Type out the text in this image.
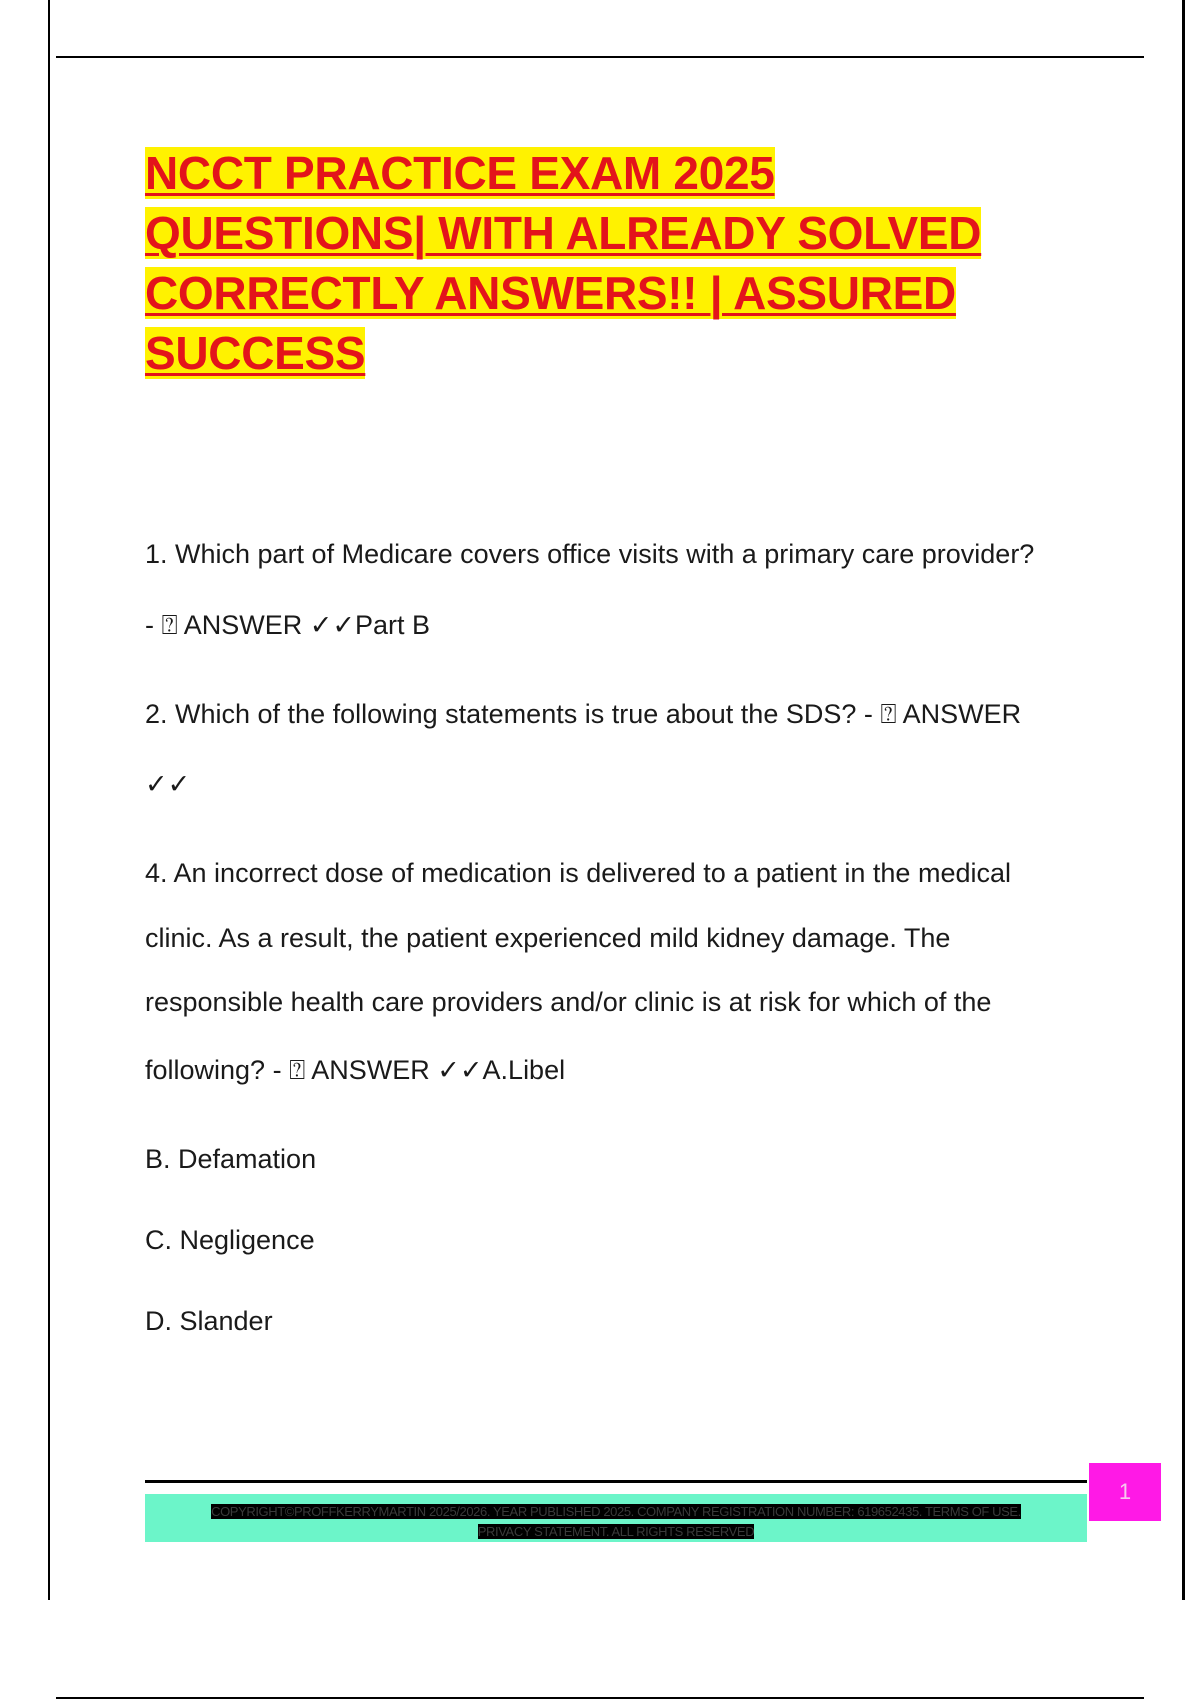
NCCT PRACTICE EXAM 2025
QUESTIONS| WITH ALREADY SOLVED
CORRECTLY ANSWERS!! | ASSURED
SUCCESS
1. Which part of Medicare covers office visits with a primary care provider?
- ⍰ ANSWER ✓✓Part B
2. Which of the following statements is true about the SDS? - ⍰ ANSWER
✓✓
4. An incorrect dose of medication is delivered to a patient in the medical
clinic. As a result, the patient experienced mild kidney damage. The
responsible health care providers and/or clinic is at risk for which of the
following? - ⍰ ANSWER ✓✓A.Libel
B. Defamation
C. Negligence
D. Slander
COPYRIGHT©PROFFKERRYMARTIN 2025/2026. YEAR PUBLISHED 2025. COMPANY REGISTRATION NUMBER: 619652435. TERMS OF USE.
PRIVACY STATEMENT. ALL RIGHTS RESERVED
1
